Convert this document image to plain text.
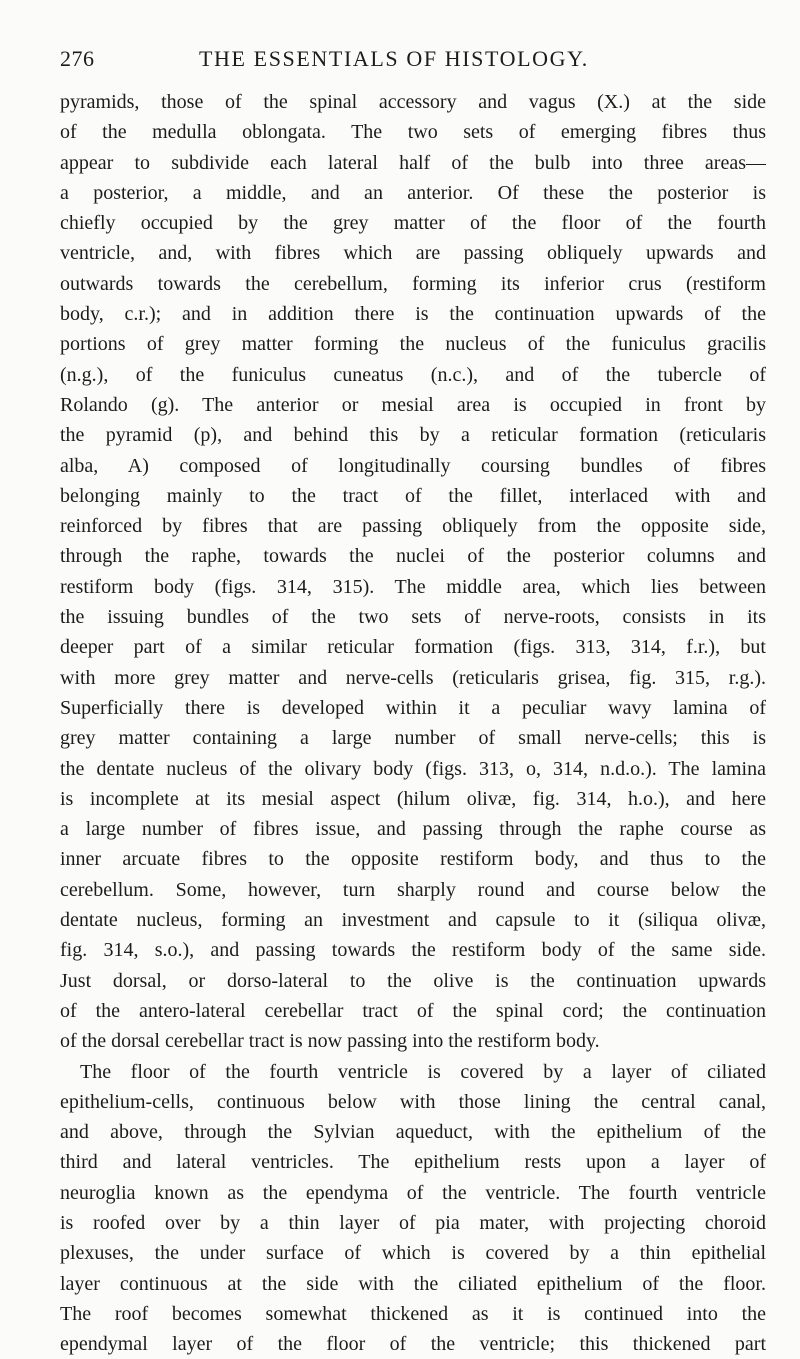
276	THE ESSENTIALS OF HISTOLOGY.
pyramids, those of the spinal accessory and vagus (X.) at the side
of the medulla oblongata. The two sets of emerging fibres thus
appear to subdivide each lateral half of the bulb into three areas—
a posterior, a middle, and an anterior. Of these the posterior is
chiefly occupied by the grey matter of the floor of the fourth
ventricle, and, with fibres which are passing obliquely upwards and
outwards towards the cerebellum, forming its inferior crus (restiform
body, c.r.); and in addition there is the continuation upwards of the
portions of grey matter forming the nucleus of the funiculus gracilis
(n.g.), of the funiculus cuneatus (n.c.), and of the tubercle of
Rolando (g). The anterior or mesial area is occupied in front by
the pyramid (p), and behind this by a reticular formation (reticularis
alba, A) composed of longitudinally coursing bundles of fibres
belonging mainly to the tract of the fillet, interlaced with and
reinforced by fibres that are passing obliquely from the opposite side,
through the raphe, towards the nuclei of the posterior columns and
restiform body (figs. 314, 315). The middle area, which lies between
the issuing bundles of the two sets of nerve-roots, consists in its
deeper part of a similar reticular formation (figs. 313, 314, f.r.), but
with more grey matter and nerve-cells (reticularis grisea, fig. 315, r.g.).
Superficially there is developed within it a peculiar wavy lamina of
grey matter containing a large number of small nerve-cells; this is
the dentate nucleus of the olivary body (figs. 313, o, 314, n.d.o.). The lamina
is incomplete at its mesial aspect (hilum olivæ, fig. 314, h.o.), and here
a large number of fibres issue, and passing through the raphe course as
inner arcuate fibres to the opposite restiform body, and thus to the
cerebellum. Some, however, turn sharply round and course below the
dentate nucleus, forming an investment and capsule to it (siliqua olivæ,
fig. 314, s.o.), and passing towards the restiform body of the same side.
Just dorsal, or dorso-lateral to the olive is the continuation upwards
of the antero-lateral cerebellar tract of the spinal cord; the continuation
of the dorsal cerebellar tract is now passing into the restiform body.
The floor of the fourth ventricle is covered by a layer of ciliated
epithelium-cells, continuous below with those lining the central canal,
and above, through the Sylvian aqueduct, with the epithelium of the
third and lateral ventricles. The epithelium rests upon a layer of
neuroglia known as the ependyma of the ventricle. The fourth ventricle
is roofed over by a thin layer of pia mater, with projecting choroid
plexuses, the under surface of which is covered by a thin epithelial
layer continuous at the side with the ciliated epithelium of the floor.
The roof becomes somewhat thickened as it is continued into the
ependymal layer of the floor of the ventricle; this thickened part
